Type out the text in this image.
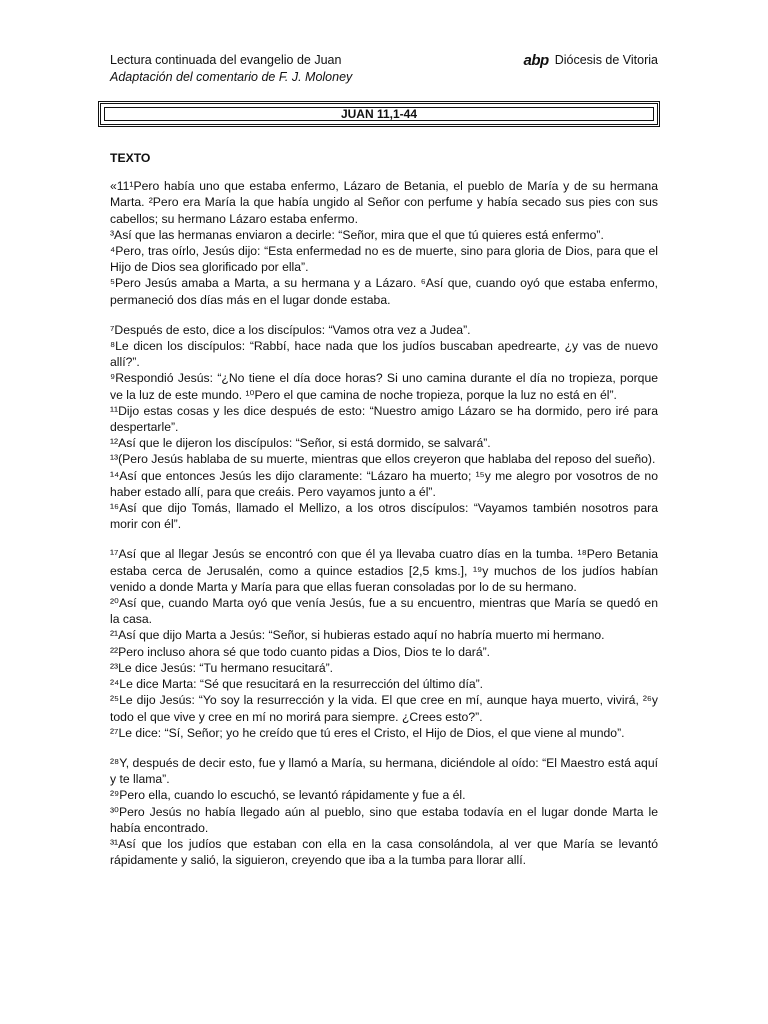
Lectura continuada del evangelio de Juan
Adaptación del comentario de F. J. Moloney
abp Diócesis de Vitoria
JUAN 11,1-44
TEXTO

«11¹Pero había uno que estaba enfermo, Lázaro de Betania, el pueblo de María y de su hermana Marta. ²Pero era María la que había ungido al Señor con perfume y había secado sus pies con sus cabellos; su hermano Lázaro estaba enfermo.

³Así que las hermanas enviaron a decirle: “Señor, mira que el que tú quieres está enfermo”.

⁴Pero, tras oírlo, Jesús dijo: “Esta enfermedad no es de muerte, sino para gloria de Dios, para que el Hijo de Dios sea glorificado por ella”.

⁵Pero Jesús amaba a Marta, a su hermana y a Lázaro. ⁶Así que, cuando oyó que estaba enfermo, permaneció dos días más en el lugar donde estaba.

⁷Después de esto, dice a los discípulos: “Vamos otra vez a Judea”.

⁸Le dicen los discípulos: “Rabbí, hace nada que los judíos buscaban apedrearte, ¿y vas de nuevo allí?”.

⁹Respondió Jesús: “¿No tiene el día doce horas? Si uno camina durante el día no tropieza, porque ve la luz de este mundo. ¹⁰Pero el que camina de noche tropieza, porque la luz no está en él”.

¹¹Dijo estas cosas y les dice después de esto: “Nuestro amigo Lázaro se ha dormido, pero iré para despertarle”.

¹²Así que le dijeron los discípulos: “Señor, si está dormido, se salvará”.

¹³(Pero Jesús hablaba de su muerte, mientras que ellos creyeron que hablaba del reposo del sueño).

¹⁴Así que entonces Jesús les dijo claramente: “Lázaro ha muerto; ¹⁵y me alegro por vosotros de no haber estado allí, para que creáis. Pero vayamos junto a él”.

¹⁶Así que dijo Tomás, llamado el Mellizo, a los otros discípulos: “Vayamos también nosotros para morir con él”.

¹⁷Así que al llegar Jesús se encontró con que él ya llevaba cuatro días en la tumba. ¹⁸Pero Betania estaba cerca de Jerusalén, como a quince estadios [2,5 kms.], ¹⁹y muchos de los judíos habían venido a donde Marta y María para que ellas fueran consoladas por lo de su hermano.

²⁰Así que, cuando Marta oyó que venía Jesús, fue a su encuentro, mientras que María se quedó en la casa.

²¹Así que dijo Marta a Jesús: “Señor, si hubieras estado aquí no habría muerto mi hermano.

²²Pero incluso ahora sé que todo cuanto pidas a Dios, Dios te lo dará”.

²³Le dice Jesús: “Tu hermano resucitará”.

²⁴Le dice Marta: “Sé que resucitará en la resurrección del último día”.

²⁵Le dijo Jesús: “Yo soy la resurrección y la vida. El que cree en mí, aunque haya muerto, vivirá, ²⁶y todo el que vive y cree en mí no morirá para siempre. ¿Crees esto?”.

²⁷Le dice: “Sí, Señor; yo he creído que tú eres el Cristo, el Hijo de Dios, el que viene al mundo”.

²⁸Y, después de decir esto, fue y llamó a María, su hermana, diciéndole al oído: “El Maestro está aquí y te llama”.

²⁹Pero ella, cuando lo escuchó, se levantó rápidamente y fue a él.

³⁰Pero Jesús no había llegado aún al pueblo, sino que estaba todavía en el lugar donde Marta le había encontrado.

³¹Así que los judíos que estaban con ella en la casa consolándola, al ver que María se levantó rápidamente y salió, la siguieron, creyendo que iba a la tumba para llorar allí.
